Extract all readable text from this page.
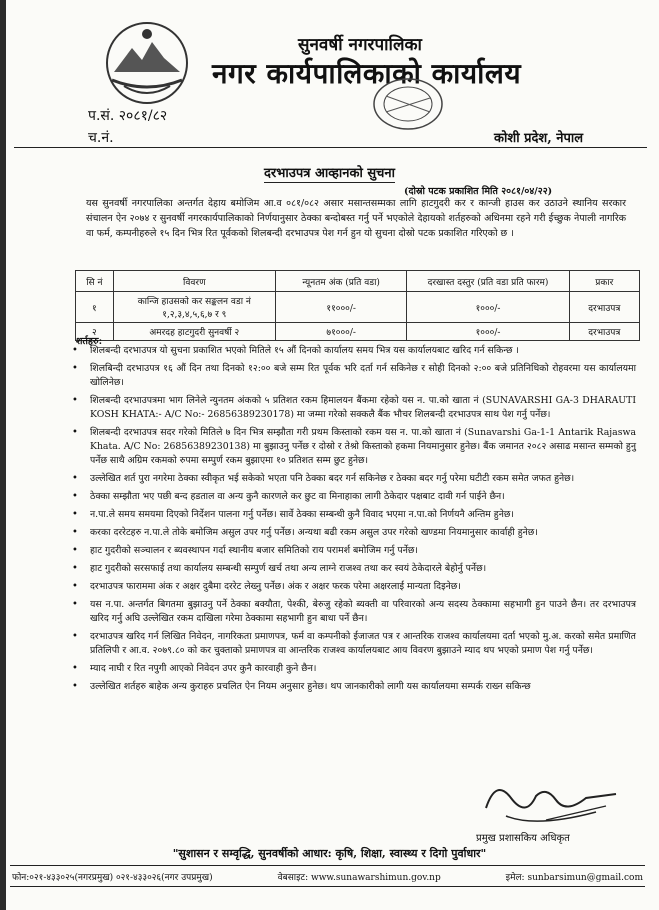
सुनवर्षी नगरपालिका
नगर कार्यपालिकाको कार्यालय
प.सं. २०८१/८२
च.नं.	कोशी प्रदेश, नेपाल
दरभाउपत्र आव्हानको सुचना
(दोस्रो पटक प्रकाशित मिति २०८१/०४/२२)
यस सुनवर्षी नगरपालिका अन्तर्गत देहाय बमोजिम आ.व ०८१/०८२ असार मसान्तसम्मका लागि हाटगुदरी कर र कान्जी हाउस कर उठाउने स्थानिय सरकार संचालन ऐन २०७४ र सुनवर्षी नगरकार्यपालिकाको निर्णयानुसार ठेक्का बन्दोबस्त गर्नु पर्ने भएकोले देहायको शर्तहरुको अधिनमा रहने गरी ईच्छुक नेपाली नागरिक वा फर्म, कम्पनीहरुले १५ दिन भित्र रित पूर्वकको शिलबन्दी दरभाउपत्र पेश गर्न हुन यो सुचना दोस्रो पटक प्रकाशित गरिएको छ ।
सि नं	विवरण	न्यूनतम अंक (प्रति वडा)	दरखास्त दस्तुर (प्रति वडा प्रति फारम)	प्रकार
१	कान्जि हाउसको कर सङ्कलन वडा नं १,२,३,४,५,६,७ र ९	११०००/-	१०००/-	दरभाउपत्र
२	अमरदह हाटगुदरी सुनवर्षी २	७१०००/-	१०००/-	दरभाउपत्र
शर्तहरु:
• शिलबन्दी दरभाउपत्र यो सुचना प्रकाशित भएको मितिले १५ औं दिनको कार्यालय समय भित्र यस कार्यालयबाट खरिद गर्न सकिन्छ ।
• शिलबिन्दी दरभाउपत्र १६ औं दिन तथा दिनको १२:०० बजे सम्म रित पूर्वक भरि दर्ता गर्न सकिनेछ र सोही दिनको २:०० बजे प्रतिनिधिको रोहवरमा यस कार्यालयमा खोलिनेछ।
• शिलबन्दी दरभाउपत्रमा भाग लिनेले न्युनतम अंकको ५ प्रतिशत रकम हिमालयन बैंकमा रहेको यस न. पा.को खाता नं (SUNAVARSHI GA-3 DHARAUTI KOSH KHATA:- A/C No:- 26856389230178) मा जम्मा गरेको सक्कलै बैंक भौचर शिलबन्दी दरभाउपत्र साथ पेश गर्नु पर्नेछ।
• शिलबन्दी दरभाउपत्र सदर गरेको मितिले ७ दिन भित्र सम्झौता गरी प्रथम किस्ताको रकम यस न. पा.को खाता नं (Sunavarshi Ga-1-1 Antarik Rajaswa Khata. A/C No: 26856389230138) मा बुझाउनु पर्नेछ र दोस्रो र तेश्रो किस्ताको हकमा नियमानुसार हुनेछ। बैंक जमानत २०८२ असाढ मसान्त सम्मको हुनु पर्नेछ साथै अग्रिम रकमको रुपमा सम्पुर्ण रकम बुझाएमा १० प्रतिशत सम्म छुट हुनेछ।
• उल्लेखित शर्त पुरा नगरेमा ठेक्का स्वीकृत भई सकेको भएता पनि ठेक्का बदर गर्न सकिनेछ र ठेक्का बदर गर्नु परेमा घटीटी रकम समेत जफत हुनेछ।
• ठेक्का सम्झौता भए पछी बन्द हडताल वा अन्य कुनै कारणले कर छुट वा मिनाहाका लागी ठेकेदार पक्षबाट दावी गर्न पाईने छैन।
• न.पा.ले समय समयमा दिएको निर्देशन पालना गर्नु पर्नेछ। सार्वे ठेक्का सम्बन्धी कुनै विवाद भएमा न.पा.को निर्णयनै अन्तिम हुनेछ।
• करका दररेटहरु न.पा.ले तोके बमोजिम असुल उपर गर्नु पर्नेछ। अन्यथा बढी रकम असुल उपर गरेको खण्डमा नियमानुसार कार्वाही हुनेछ।
• हाट गुदरीको सञ्चालन र ब्यवस्थापन गर्दा स्थानीय बजार समितिको राय परामर्श बमोजिम गर्नु पर्नेछ।
• हाट गुदरीको सरसफाई तथा कार्यालय सम्बन्धी सम्पुर्ण खर्च तथा अन्य लाग्ने राजश्व तथा कर स्वयं ठेकेदारले बेहोर्नु पर्नेछ।
• दरभाउपत्र फाराममा अंक र अक्षर दुबैमा दररेट लेख्नु पर्नेछ। अंक र अक्षर फरक परेमा अक्षरलाई मान्यता दिइनेछ।
• यस न.पा. अन्तर्गत बिगतमा बुझाउनु पर्ने ठेक्का बक्यौता, पेश्की, बेरुजु रहेको ब्यक्ती वा परिवारको अन्य सदस्य ठेक्कामा सहभागी हुन पाउने छैन। तर दरभाउपत्र खरिद गर्नु अघि उल्लेखित रकम दाखिला गरेमा ठेक्कामा सहभागी हुन बाधा पर्ने छैन।
• दरभाउपत्र खरिद गर्न लिखित निवेदन, नागरिकता प्रमाणपत्र, फर्म वा कम्पनीको ईजाजत पत्र र आन्तरिक राजश्व कार्यालयमा दर्ता भएको मु.अ. करको समेत प्रमाणित प्रतिलिपी र आ.व. २०७९.८० को कर चुक्ताको प्रमाणपत्र वा आन्तरिक राजश्व कार्यालयबाट आय विवरण बुझाउने म्याद थप भएको प्रमाण पेश गर्नु पर्नेछ।
• म्याद नाघी र रित नपुगी आएको निवेदन उपर कुनै कारवाही कुने छैन।
• उल्लेखित शर्तहरु बाहेक अन्य कुराहरु प्रचलित ऐन नियम अनुसार हुनेछ। थप जानकारीको लागी यस कार्यालयमा सम्पर्क राख्न सकिन्छ
प्रमुख प्रशासकिय अधिकृत
"सुशासन र सम्वृद्धि, सुनवर्षीको आधार: कृषि, शिक्षा, स्वास्थ्य र दिगो पुर्वाधार"
फोन:०२१-४३३०२५(नगरप्रमुख) ०२१-४३३०२६(नगर उपप्रमुख)	वेबसाइट: www.sunawarshimun.gov.np	इमेल: sunbarsimun@gmail.com
